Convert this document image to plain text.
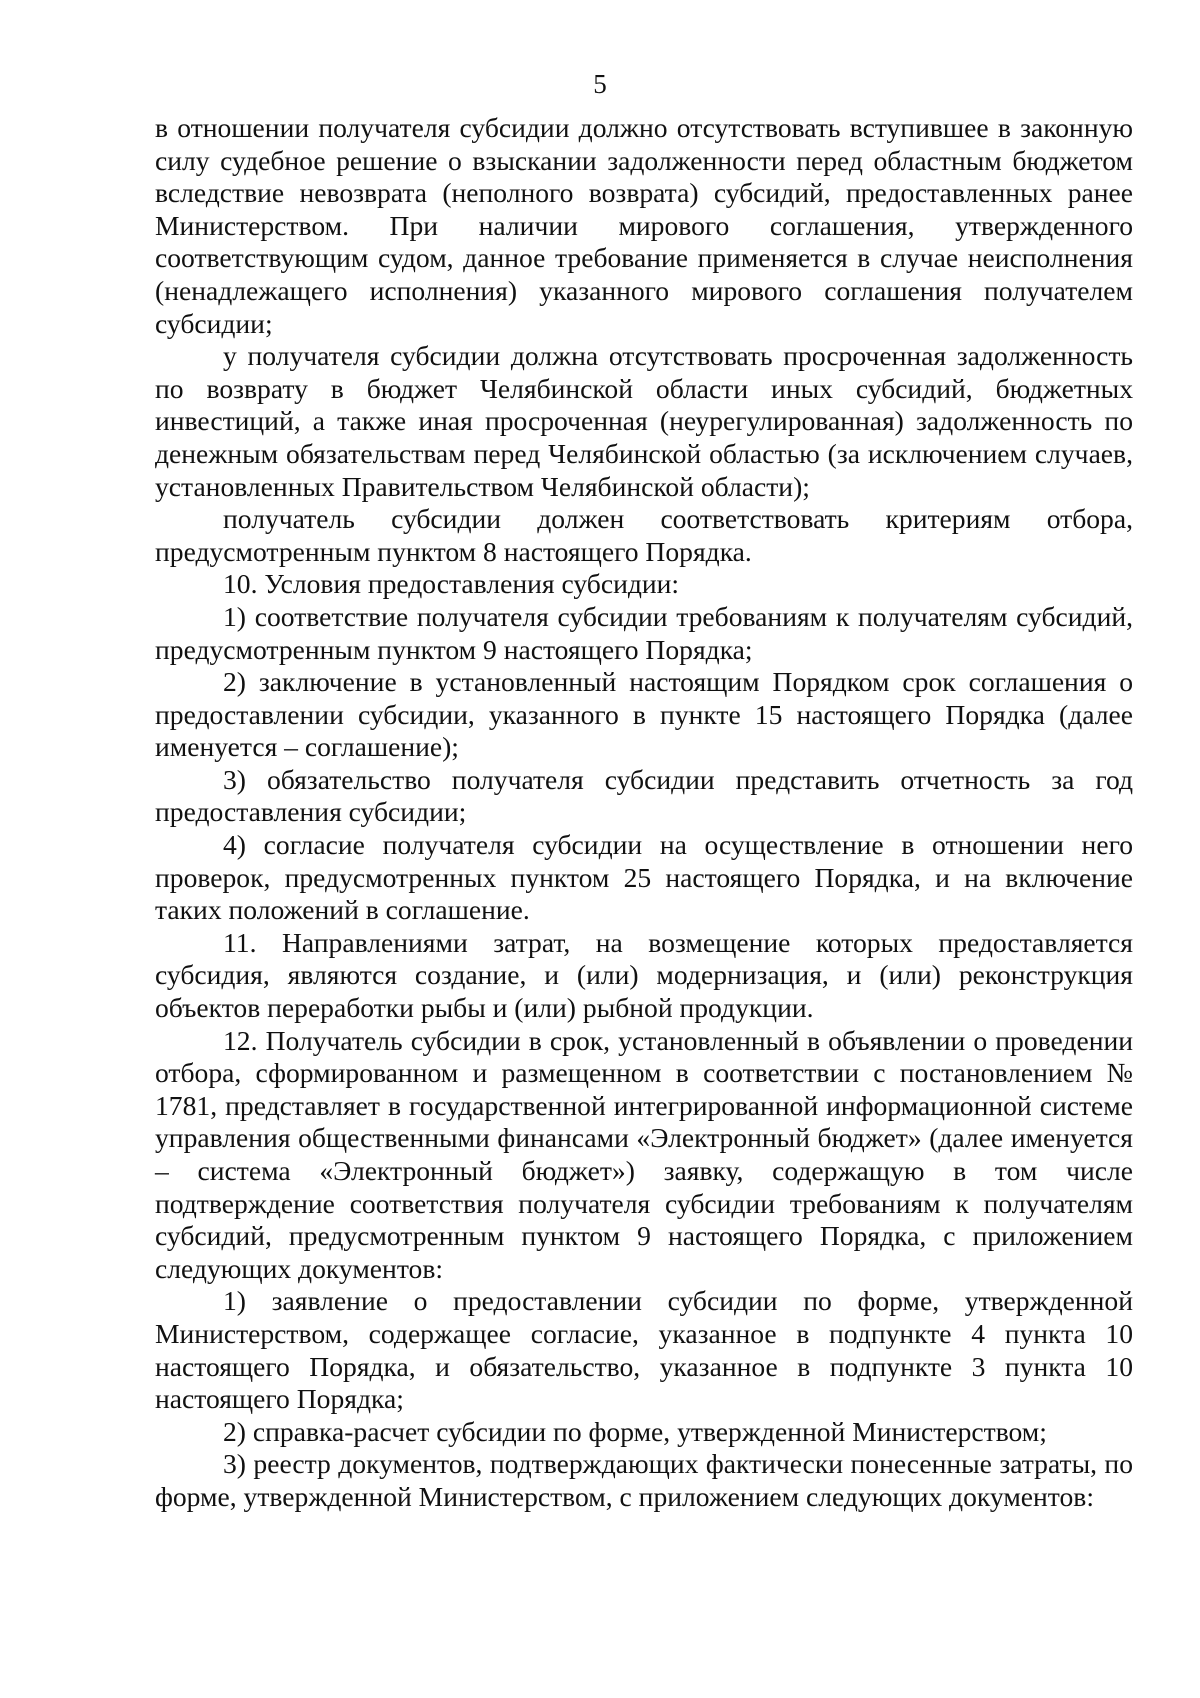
5

в отношении получателя субсидии должно отсутствовать вступившее в законную силу судебное решение о взыскании задолженности перед областным бюджетом вследствие невозврата (неполного возврата) субсидий, предоставленных ранее Министерством. При наличии мирового соглашения, утвержденного соответствующим судом, данное требование применяется в случае неисполнения (ненадлежащего исполнения) указанного мирового соглашения получателем субсидии;

у получателя субсидии должна отсутствовать просроченная задолженность по возврату в бюджет Челябинской области иных субсидий, бюджетных инвестиций, а также иная просроченная (неурегулированная) задолженность по денежным обязательствам перед Челябинской областью (за исключением случаев, установленных Правительством Челябинской области);

получатель субсидии должен соответствовать критериям отбора, предусмотренным пунктом 8 настоящего Порядка.

10. Условия предоставления субсидии:

1) соответствие получателя субсидии требованиям к получателям субсидий, предусмотренным пунктом 9 настоящего Порядка;

2) заключение в установленный настоящим Порядком срок соглашения о предоставлении субсидии, указанного в пункте 15 настоящего Порядка (далее именуется – соглашение);

3) обязательство получателя субсидии представить отчетность за год предоставления субсидии;

4) согласие получателя субсидии на осуществление в отношении него проверок, предусмотренных пунктом 25 настоящего Порядка, и на включение таких положений в соглашение.

11. Направлениями затрат, на возмещение которых предоставляется субсидия, являются создание, и (или) модернизация, и (или) реконструкция объектов переработки рыбы и (или) рыбной продукции.

12. Получатель субсидии в срок, установленный в объявлении о проведении отбора, сформированном и размещенном в соответствии с постановлением № 1781, представляет в государственной интегрированной информационной системе управления общественными финансами «Электронный бюджет» (далее именуется – система «Электронный бюджет») заявку, содержащую в том числе подтверждение соответствия получателя субсидии требованиям к получателям субсидий, предусмотренным пунктом 9 настоящего Порядка, с приложением следующих документов:

1) заявление о предоставлении субсидии по форме, утвержденной Министерством, содержащее согласие, указанное в подпункте 4 пункта 10 настоящего Порядка, и обязательство, указанное в подпункте 3 пункта 10 настоящего Порядка;

2) справка-расчет субсидии по форме, утвержденной Министерством;

3) реестр документов, подтверждающих фактически понесенные затраты, по форме, утвержденной Министерством, с приложением следующих документов:
